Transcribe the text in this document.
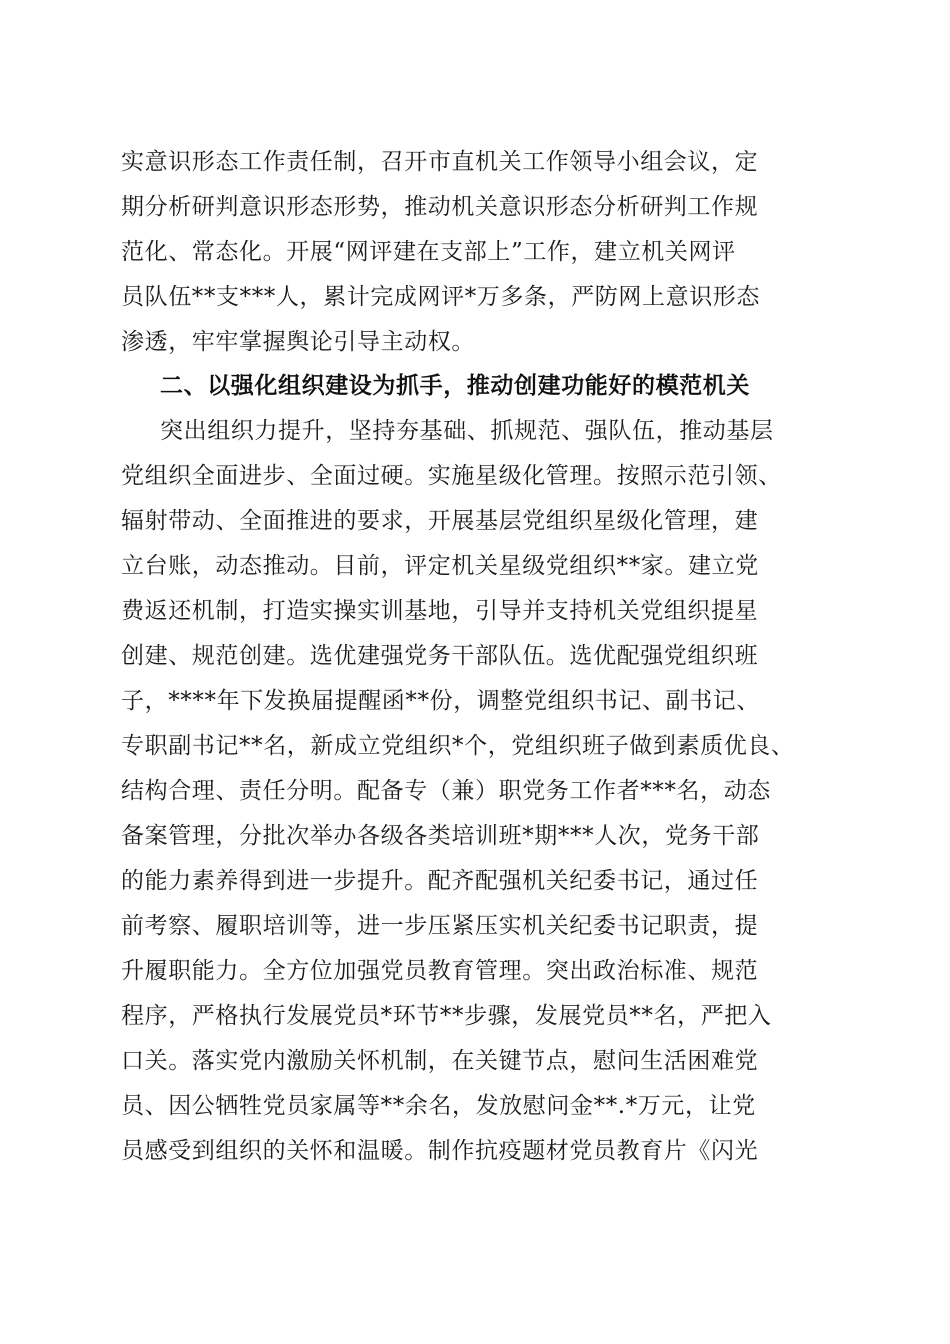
实意识形态工作责任制，召开市直机关工作领导小组会议，定
期分析研判意识形态形势，推动机关意识形态分析研判工作规
范化、常态化。开展“网评建在支部上”工作，建立机关网评
员队伍**支***人，累计完成网评*万多条，严防网上意识形态
渗透，牢牢掌握舆论引导主动权。
二、以强化组织建设为抓手，推动创建功能好的模范机关
突出组织力提升，坚持夯基础、抓规范、强队伍，推动基层
党组织全面进步、全面过硬。实施星级化管理。按照示范引领、
辐射带动、全面推进的要求，开展基层党组织星级化管理，建
立台账，动态推动。目前，评定机关星级党组织**家。建立党
费返还机制，打造实操实训基地，引导并支持机关党组织提星
创建、规范创建。选优建强党务干部队伍。选优配强党组织班
子，****年下发换届提醒函**份，调整党组织书记、副书记、
专职副书记**名，新成立党组织*个，党组织班子做到素质优良、
结构合理、责任分明。配备专（兼）职党务工作者***名，动态
备案管理，分批次举办各级各类培训班*期***人次，党务干部
的能力素养得到进一步提升。配齐配强机关纪委书记，通过任
前考察、履职培训等，进一步压紧压实机关纪委书记职责，提
升履职能力。全方位加强党员教育管理。突出政治标准、规范
程序，严格执行发展党员*环节**步骤，发展党员**名，严把入
口关。落实党内激励关怀机制，在关键节点，慰问生活困难党
员、因公牺牲党员家属等**余名，发放慰问金**.*万元，让党
员感受到组织的关怀和温暖。制作抗疫题材党员教育片《闪光
